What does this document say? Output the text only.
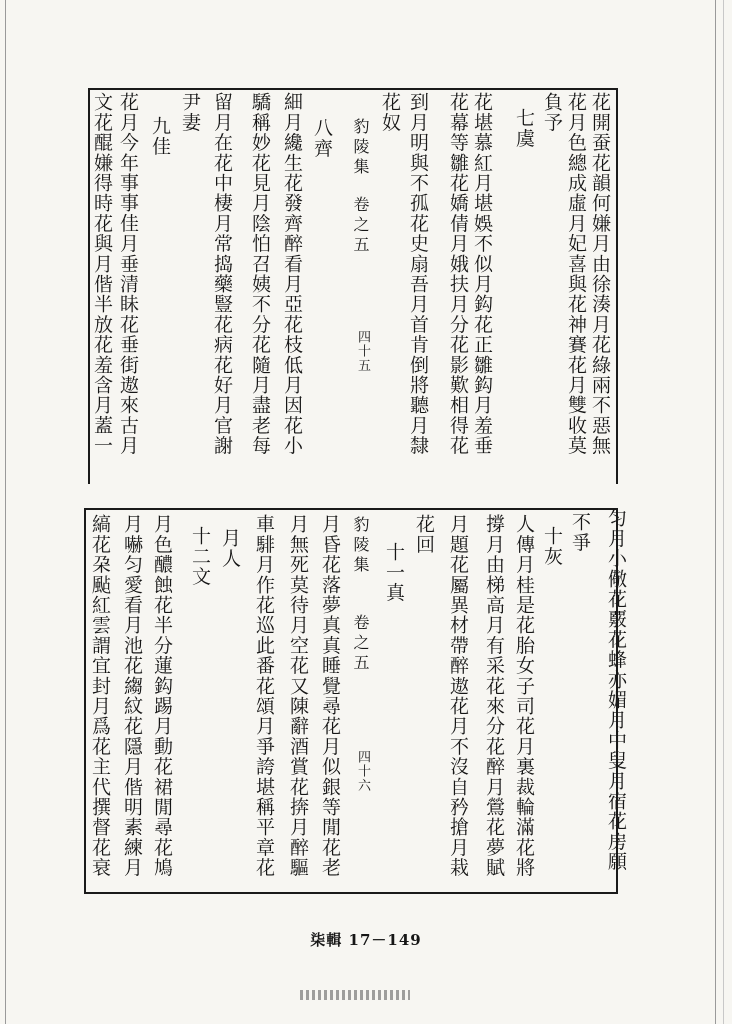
花開蚕花韻何嫌月由徐湊月花綠兩不惡無
花月色總成虛月妃喜與花神賽花月雙收莫
負予
七虞
花堪慕紅月堪娛不似月鈎花正雛鈎月羞垂
花幕等雛花嬌倩月娥扶月分花影歎相得花
到月明與不孤花史扇吾月首肯倒將聽月隸
花奴
豹陵集
卷之五
四十五
八齊
細月纔生花發齊醉看月亞花枝低月因花小
驕稱妙花見月陰怕召姨不分花隨月盡老每
留月在花中棲月常捣藥豎花病花好月官謝
尹妻
九佳
花月今年事事佳月垂清眛花垂街遨來古月
文花醌嫌得時花與月偕半放花羞含月蓋一
匀月小儆花覈花蜂亦媚月中叟月宿花房願
不爭
十灰
人傳月桂是花胎女子司花月裏裁輪滿花將
撐月由梯高月有采花來分花醉月鶯花夢賦
月題花屬異材帶醉遨花月不沒自矜搶月栽
花回
十一真
豹陵集
卷之五
四十六
月昏花落夢真真睡覺尋花月似銀等閒花老
月無死莫待月空花又陳辭酒賞花捹月醉驅
車騑月作花巡此番花頌月爭誇堪稱平章花
月人
十二文
月色醲蝕花半分蓮鈎踢月動花裙閒尋花鳩
月嚇匀愛看月池花縐紋花隱月偕明素練月
縞花朶颭紅雲謂宜封月爲花主代撰督花衰
柒輯 17－149
